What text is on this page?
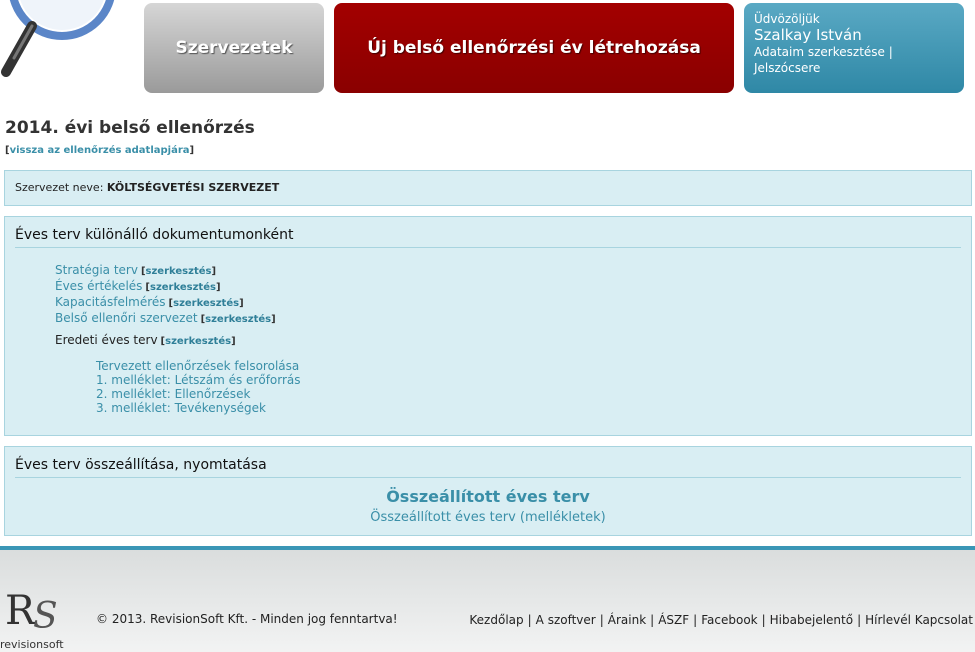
Szervezetek	Új belső ellenőrzési év létrehozása
Üdvözöljük
Szalkay István
Adataim szerkesztése | Jelszócsere
2014. évi belső ellenőrzés
[vissza az ellenőrzés adatlapjára]
Szervezet neve: KÖLTSÉGVETÉSI SZERVEZET
Éves terv különálló dokumentumonként
Stratégia terv [szerkesztés]
Éves értékelés [szerkesztés]
Kapacitásfelmérés [szerkesztés]
Belső ellenőri szervezet [szerkesztés]
Eredeti éves terv [szerkesztés]
Tervezett ellenőrzések felsorolása
1. melléklet: Létszám és erőforrás
2. melléklet: Ellenőrzések
3. melléklet: Tevékenységek
Éves terv összeállítása, nyomtatása
Összeállított éves terv
Összeállított éves terv (mellékletek)
R
S
revisionsoft
© 2013. RevisionSoft Kft. - Minden jog fenntartva!	Kezdőlap | A szoftver | Áraink | ÁSZF | Facebook | Hibabejelentő | Hírlevél Kapcsolat
